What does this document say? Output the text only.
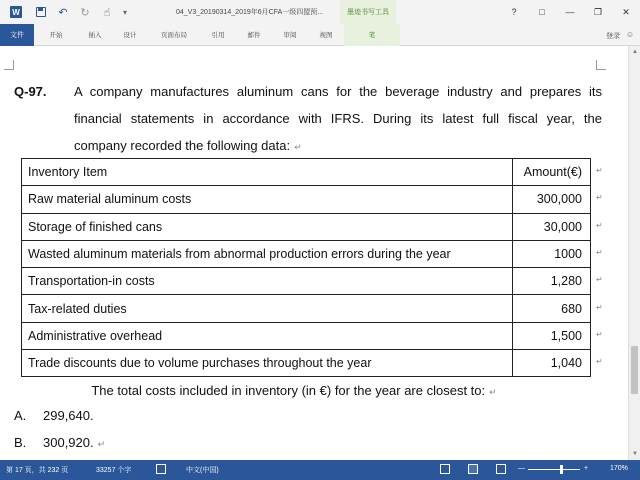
W	↶ ↻ ☝ ▾	04_V3_20190314_2019年6月CFA一级四盟预...	墨迹书写工具	?	□	—	❐	✕
文件	开始	插入	设计	页面布局	引用	邮件	审阅	视图	笔	登录 ☺
Q-97. A company manufactures aluminum cans for the beverage industry and prepares its
financial statements in accordance with IFRS. During its latest full fiscal year, the
company recorded the following data: ↵
Inventory Item	Amount(€)
Raw material aluminum costs	300,000
Storage of finished cans	30,000
Wasted aluminum materials from abnormal production errors during the year	1000
Transportation-in costs	1,280
Tax-related duties	680
Administrative overhead	1,500
Trade discounts due to volume purchases throughout the year	1,040
↵
↵
↵
↵
↵
↵
↵
↵
The total costs included in inventory (in €) for the year are closest to: ↵
A. 299,640.
B. 300,920. ↵
▲
▼
第 17 页，共 232 页	33257 个字	中文(中国)	—	+	170%
